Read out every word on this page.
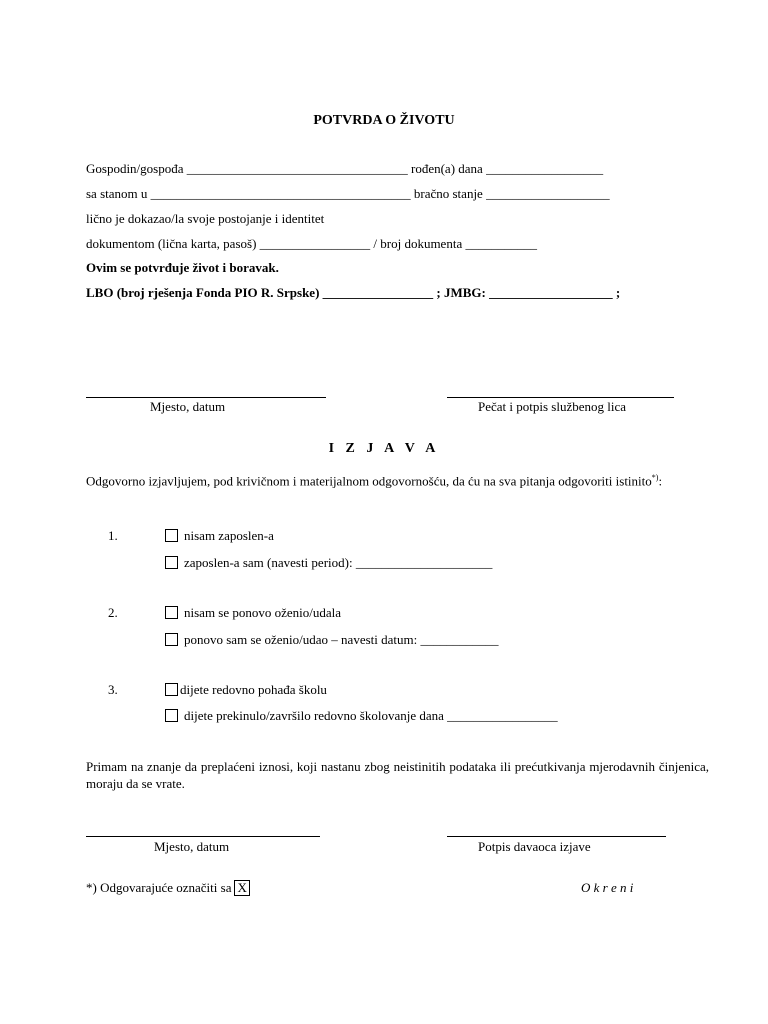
POTVRDA O ŽIVOTU
Gospodin/gospođa __________________________________ rođen(a) dana __________________
sa stanom u ________________________________________ bračno stanje ___________________
lično je dokazao/la svoje postojanje i identitet
dokumentom (lična karta, pasoš) _________________ / broj dokumenta ___________
Ovim se potvrđuje život i boravak.
LBO (broj rješenja Fonda PIO R. Srpske) _________________ ; JMBG: ___________________ ;
Mjesto, datum	Pečat i potpis službenog lica
I Z J A V A
Odgovorno izjavljujem, pod krivičnom i materijalnom odgovornošću, da ću na sva pitanja odgovoriti istinito*):
1.	nisam zaposlen-a
zaposlen-a sam (navesti period): _____________________
2.	nisam se ponovo oženio/udala
ponovo sam se oženio/udao – navesti datum: ____________
3.	dijete redovno pohađa školu
dijete prekinulo/završilo redovno školovanje dana _________________
Primam na znanje da preplaćeni iznosi, koji nastanu zbog neistinitih podataka ili prećutkivanja mjerodavnih činjenica, moraju da se vrate.
Mjesto, datum	Potpis davaoca izjave
*) Odgovarajuće označiti sa X	O k r e n i
